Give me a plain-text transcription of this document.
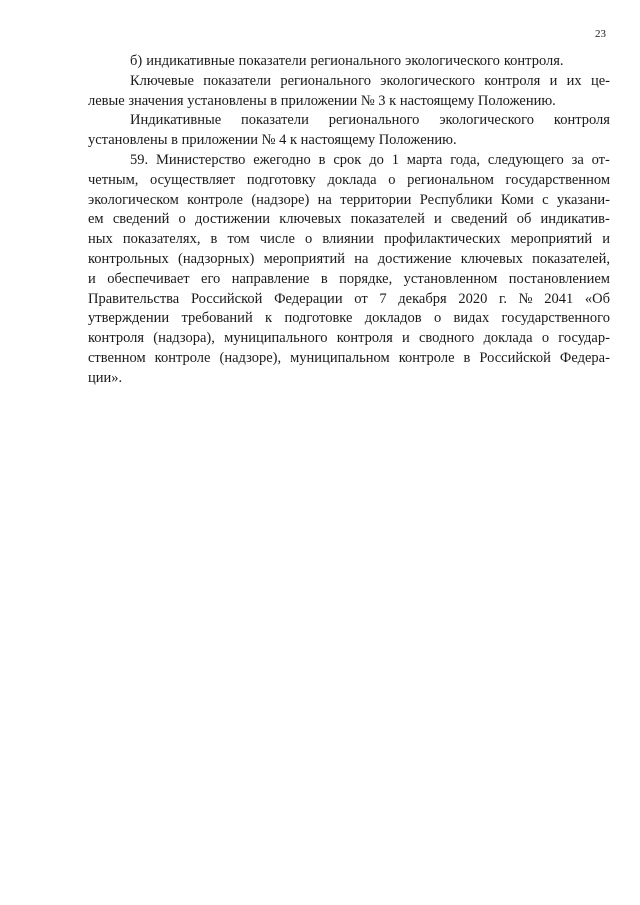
23
б) индикативные показатели регионального экологического контроля.
Ключевые показатели регионального экологического контроля и их це-
левые значения установлены в приложении № 3 к настоящему Положению.
Индикативные показатели регионального экологического контроля
установлены в приложении № 4 к настоящему Положению.
59. Министерство ежегодно в срок до 1 марта года, следующего за от-
четным, осуществляет подготовку доклада о региональном государственном
экологическом контроле (надзоре) на территории Республики Коми с указани-
ем сведений о достижении ключевых показателей и сведений об индикатив-
ных показателях, в том числе о влиянии профилактических мероприятий и
контрольных (надзорных) мероприятий на достижение ключевых показателей,
и обеспечивает его направление в порядке, установленном постановлением
Правительства Российской Федерации от 7 декабря 2020 г. № 2041 «Об
утверждении требований к подготовке докладов о видах государственного
контроля (надзора), муниципального контроля и сводного доклада о государ-
ственном контроле (надзоре), муниципальном контроле в Российской Федера-
ции».
